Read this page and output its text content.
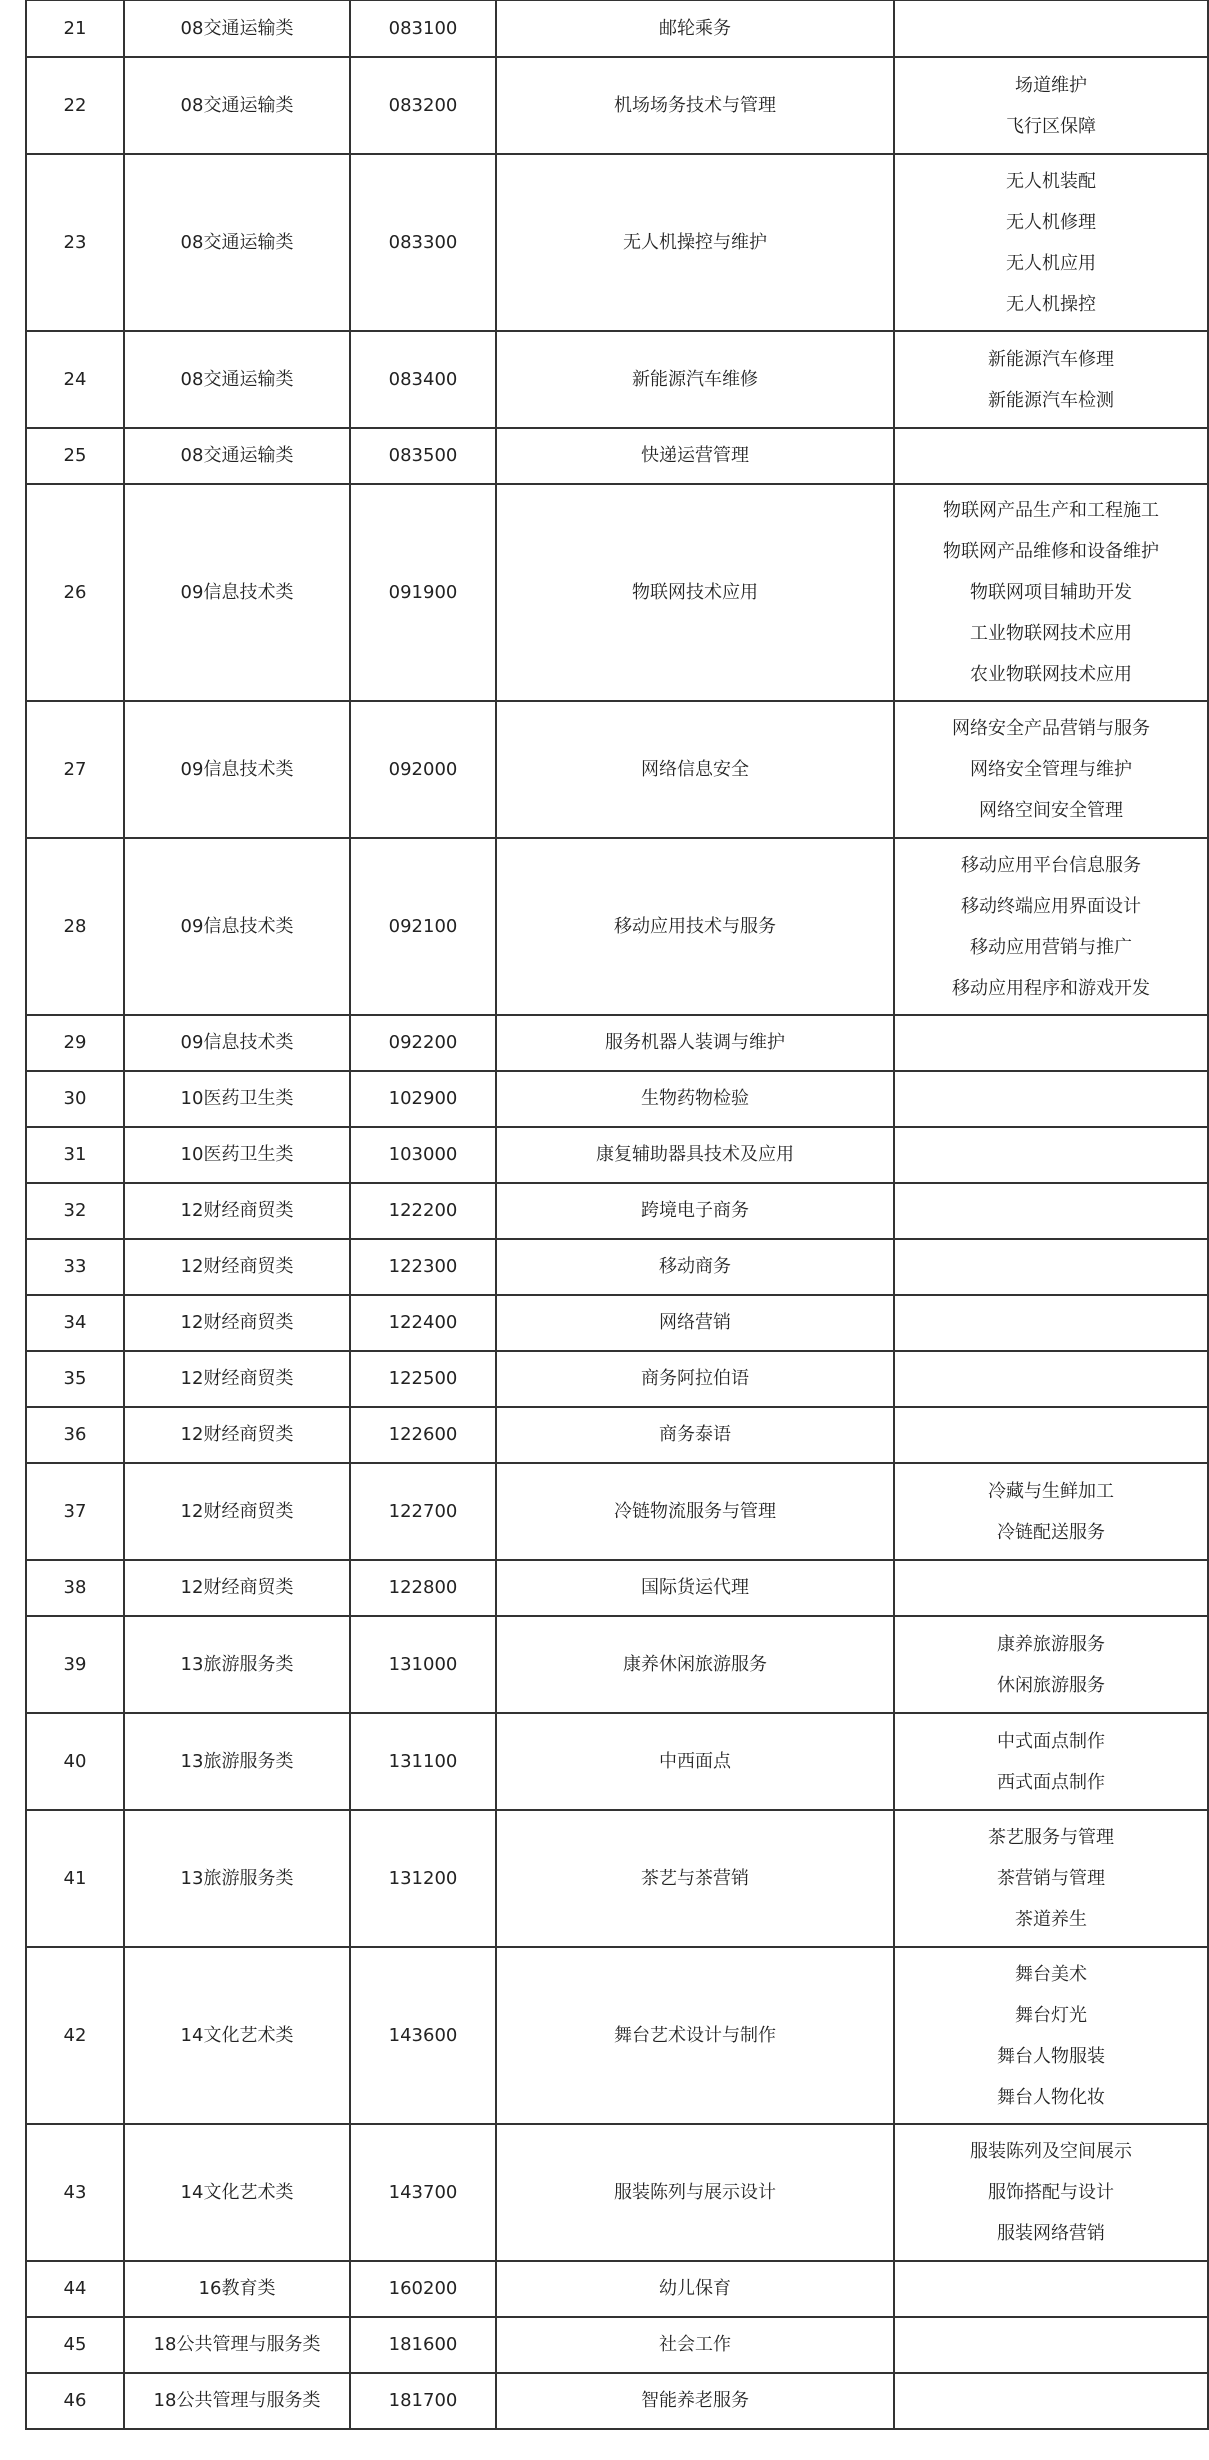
21	08交通运输类	083100	邮轮乘务	

22	08交通运输类	083200	机场场务技术与管理	场道维护
飞行区保障

23	08交通运输类	083300	无人机操控与维护	无人机装配
无人机修理
无人机应用
无人机操控

24	08交通运输类	083400	新能源汽车维修	新能源汽车修理
新能源汽车检测

25	08交通运输类	083500	快递运营管理	

26	09信息技术类	091900	物联网技术应用	物联网产品生产和工程施工
物联网产品维修和设备维护
物联网项目辅助开发
工业物联网技术应用
农业物联网技术应用

27	09信息技术类	092000	网络信息安全	网络安全产品营销与服务
网络安全管理与维护
网络空间安全管理

28	09信息技术类	092100	移动应用技术与服务	移动应用平台信息服务
移动终端应用界面设计
移动应用营销与推广
移动应用程序和游戏开发

29	09信息技术类	092200	服务机器人装调与维护	

30	10医药卫生类	102900	生物药物检验	

31	10医药卫生类	103000	康复辅助器具技术及应用	

32	12财经商贸类	122200	跨境电子商务	

33	12财经商贸类	122300	移动商务	

34	12财经商贸类	122400	网络营销	

35	12财经商贸类	122500	商务阿拉伯语	

36	12财经商贸类	122600	商务泰语	

37	12财经商贸类	122700	冷链物流服务与管理	冷藏与生鲜加工
冷链配送服务

38	12财经商贸类	122800	国际货运代理	

39	13旅游服务类	131000	康养休闲旅游服务	康养旅游服务
休闲旅游服务

40	13旅游服务类	131100	中西面点	中式面点制作
西式面点制作

41	13旅游服务类	131200	茶艺与茶营销	茶艺服务与管理
茶营销与管理
茶道养生

42	14文化艺术类	143600	舞台艺术设计与制作	舞台美术
舞台灯光
舞台人物服装
舞台人物化妆

43	14文化艺术类	143700	服装陈列与展示设计	服装陈列及空间展示
服饰搭配与设计
服装网络营销

44	16教育类	160200	幼儿保育	

45	18公共管理与服务类	181600	社会工作	

46	18公共管理与服务类	181700	智能养老服务	
